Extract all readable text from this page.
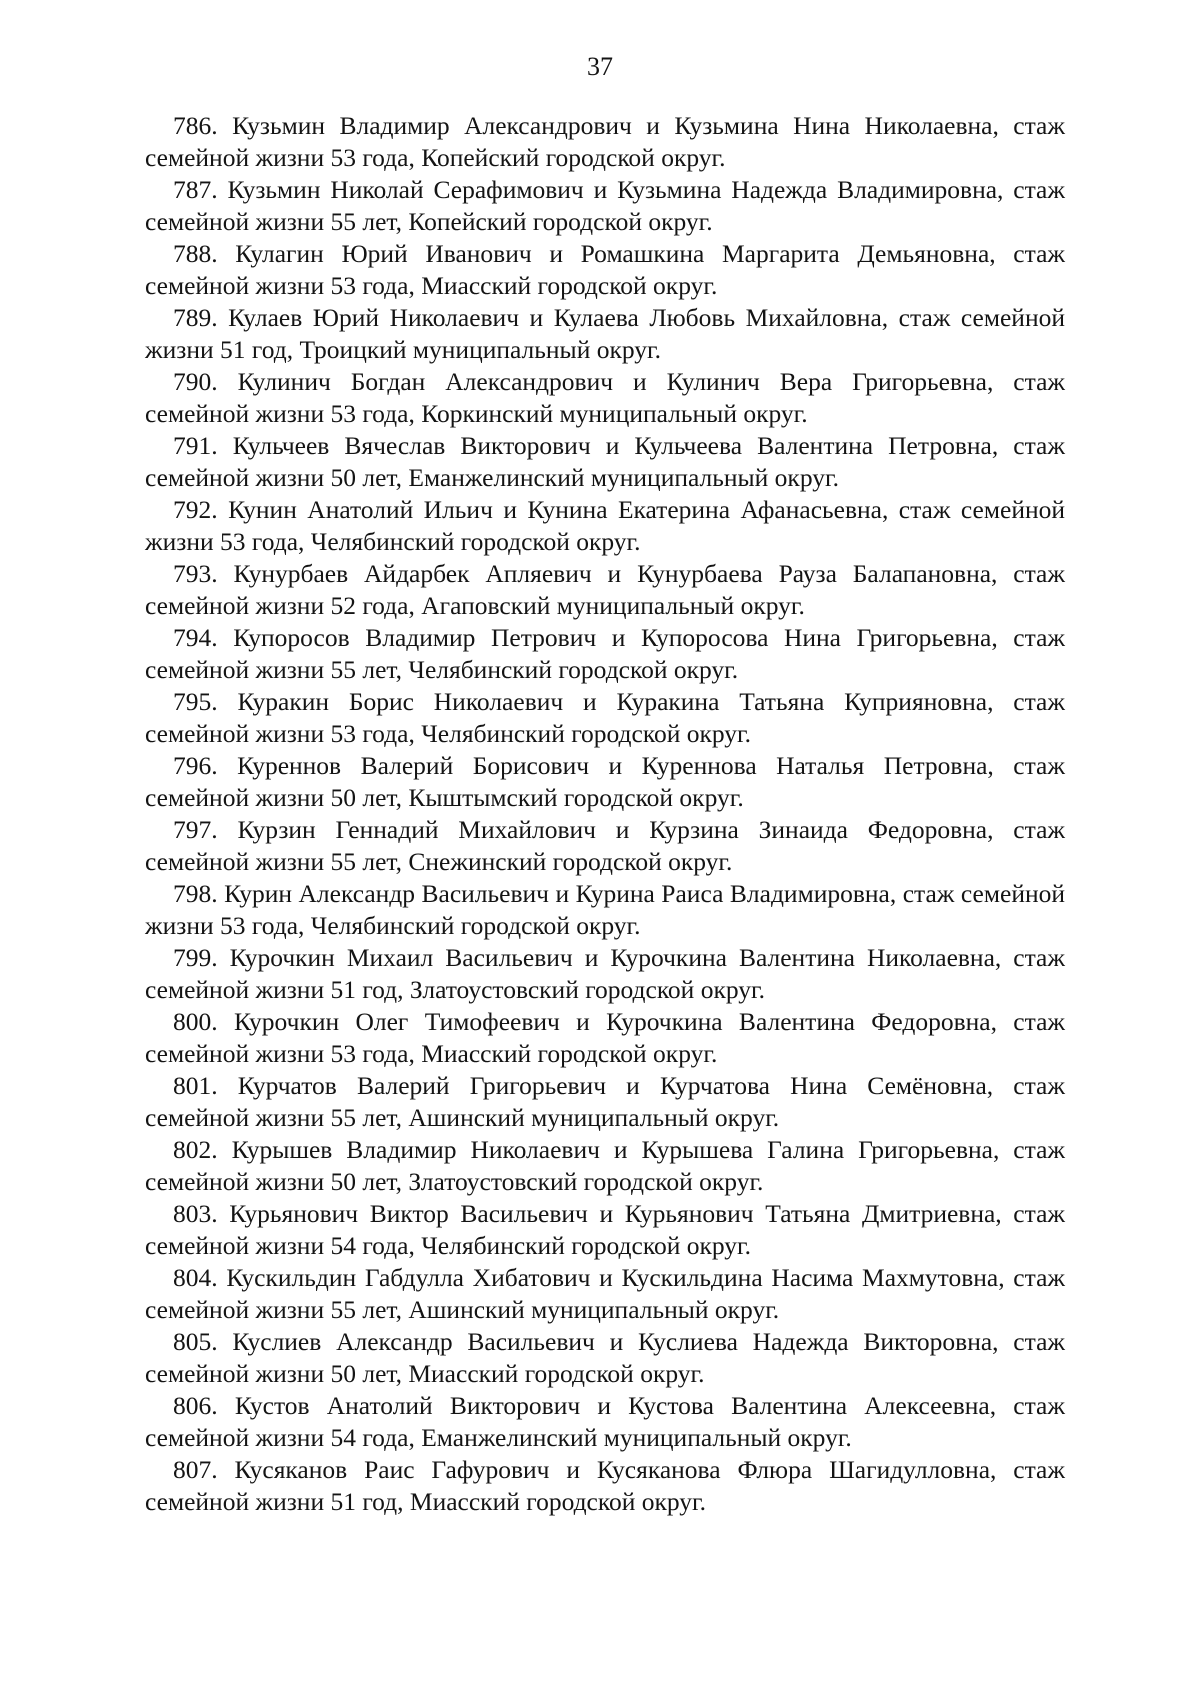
37

786. Кузьмин Владимир Александрович и Кузьмина Нина Николаевна, стаж семейной жизни 53 года, Копейский городской округ.

787. Кузьмин Николай Серафимович и Кузьмина Надежда Владимировна, стаж семейной жизни 55 лет, Копейский городской округ.

788. Кулагин Юрий Иванович и Ромашкина Маргарита Демьяновна, стаж семейной жизни 53 года, Миасский городской округ.

789. Кулаев Юрий Николаевич и Кулаева Любовь Михайловна, стаж семейной жизни 51 год, Троицкий муниципальный округ.

790. Кулинич Богдан Александрович и Кулинич Вера Григорьевна, стаж семейной жизни 53 года, Коркинский муниципальный округ.

791. Кульчеев Вячеслав Викторович и Кульчеева Валентина Петровна, стаж семейной жизни 50 лет, Еманжелинский муниципальный округ.

792. Кунин Анатолий Ильич и Кунина Екатерина Афанасьевна, стаж семейной жизни 53 года, Челябинский городской округ.

793. Кунурбаев Айдарбек Апляевич и Кунурбаева Рауза Балапановна, стаж семейной жизни 52 года, Агаповский муниципальный округ.

794. Купоросов Владимир Петрович и Купоросова Нина Григорьевна, стаж семейной жизни 55 лет, Челябинский городской округ.

795. Куракин Борис Николаевич и Куракина Татьяна Куприяновна, стаж семейной жизни 53 года, Челябинский городской округ.

796. Куреннов Валерий Борисович и Куреннова Наталья Петровна, стаж семейной жизни 50 лет, Кыштымский городской округ.

797. Курзин Геннадий Михайлович и Курзина Зинаида Федоровна, стаж семейной жизни 55 лет, Снежинский городской округ.

798. Курин Александр Васильевич и Курина Раиса Владимировна, стаж семейной жизни 53 года, Челябинский городской округ.

799. Курочкин Михаил Васильевич и Курочкина Валентина Николаевна, стаж семейной жизни 51 год, Златоустовский городской округ.

800. Курочкин Олег Тимофеевич и Курочкина Валентина Федоровна, стаж семейной жизни 53 года, Миасский городской округ.

801. Курчатов Валерий Григорьевич и Курчатова Нина Семёновна, стаж семейной жизни 55 лет, Ашинский муниципальный округ.

802. Курышев Владимир Николаевич и Курышева Галина Григорьевна, стаж семейной жизни 50 лет, Златоустовский городской округ.

803. Курьянович Виктор Васильевич и Курьянович Татьяна Дмитриевна, стаж семейной жизни 54 года, Челябинский городской округ.

804. Кускильдин Габдулла Хибатович и Кускильдина Насима Махмутовна, стаж семейной жизни 55 лет, Ашинский муниципальный округ.

805. Куслиев Александр Васильевич и Куслиева Надежда Викторовна, стаж семейной жизни 50 лет, Миасский городской округ.

806. Кустов Анатолий Викторович и Кустова Валентина Алексеевна, стаж семейной жизни 54 года, Еманжелинский муниципальный округ.

807. Кусяканов Раис Гафурович и Кусяканова Флюра Шагидулловна, стаж семейной жизни 51 год, Миасский городской округ.
